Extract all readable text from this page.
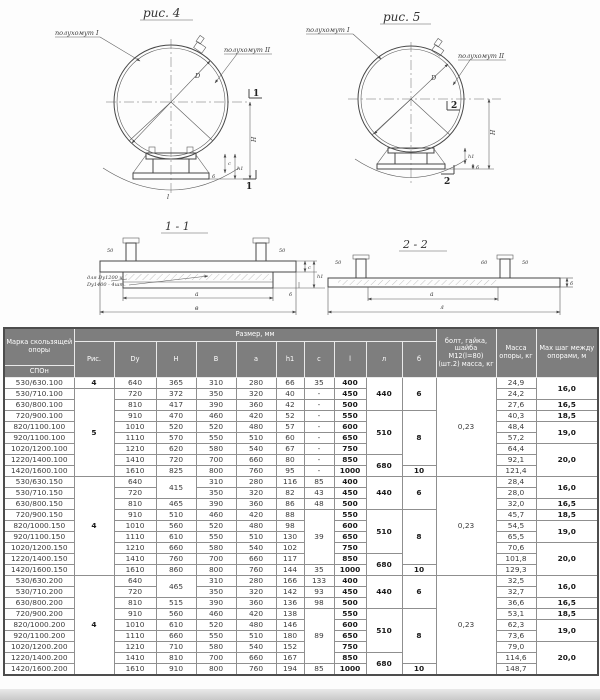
рис. 4
D
полухомут I
полухомут II
l
Н
с
h1
б
1
1
рис. 5
D
полухомут I
полухомут II
Н
h1
б
2
2
1 - 1
50	50
для Dy1200 и
Dy1400 - 4шт.
с
h1
б
а
в
2 - 2
50	60	50
б
а
л
Марка скользящей опоры	Размер, мм										болт, гайка, шайба М12(l=80) (шт.2) масса, кг	Масса опоры, кг	Мах шаг между опорами, м
	Рис.	Dy	Н	В	а	h1	с	l	л	б			
СПОн													
530/630.100	4	640	365	310	280	66	35	400	440	6	0,23	24,9	16,0
530/710.100	5	720	372	350	320	40	-	450				24,2	
630/800.100		810	417	390	360	42	-	500				27,6	16,5
720/900.100		910	470	460	420	52	-	550	510	8		40,3	18,5
820/1100.100		1010	520	520	480	57	-	600				48,4	19,0
920/1100.100		1110	570	550	510	60	-	650				57,2	
1020/1200.100		1210	620	580	540	67	-	750				64,4	20,0
1220/1400.100		1410	720	700	660	80	-	850	680			92,1	
1420/1600.100		1610	825	800	760	95	-	1000		10		121,4	
530/630.150	4	640	415	310	280	116	85	400	440	6	0,23	28,4	16,0
530/710.150		720		350	320	82	43	450				28,0	
630/800.150		810	465	390	360	86	48	500				32,0	16,5
720/900.150		910	510	460	420	88	39	550	510	8		45,7	18,5
820/1000.150		1010	560	520	480	98		600				54,5	19,0
920/1100.150		1110	610	550	510	130		650				65,5	
1020/1200.150		1210	660	580	540	102		750				70,6	20,0
1220/1400.150		1410	760	700	660	117		850	680			101,8	
1420/1600.150		1610	860	800	760	144	35	1000		10		129,3	
530/630.200	4	640	465	310	280	166	133	400	440	6	0,23	32,5	16,0
530/710.200		720		350	320	142	93	450				32,7	
630/800.200		810	515	390	360	136	98	500				36,6	16,5
720/900.200		910	560	460	420	138	89	550	510	8		53,1	18,5
820/1000.200		1010	610	520	480	146		600				62,3	19,0
920/1100.200		1110	660	550	510	180		650				73,6	
1020/1200.200		1210	710	580	540	152		750				79,0	20,0
1220/1400.200		1410	810	700	660	167		850	680			114,6	
1420/1600.200		1610	910	800	760	194	85	1000		10		148,7	
